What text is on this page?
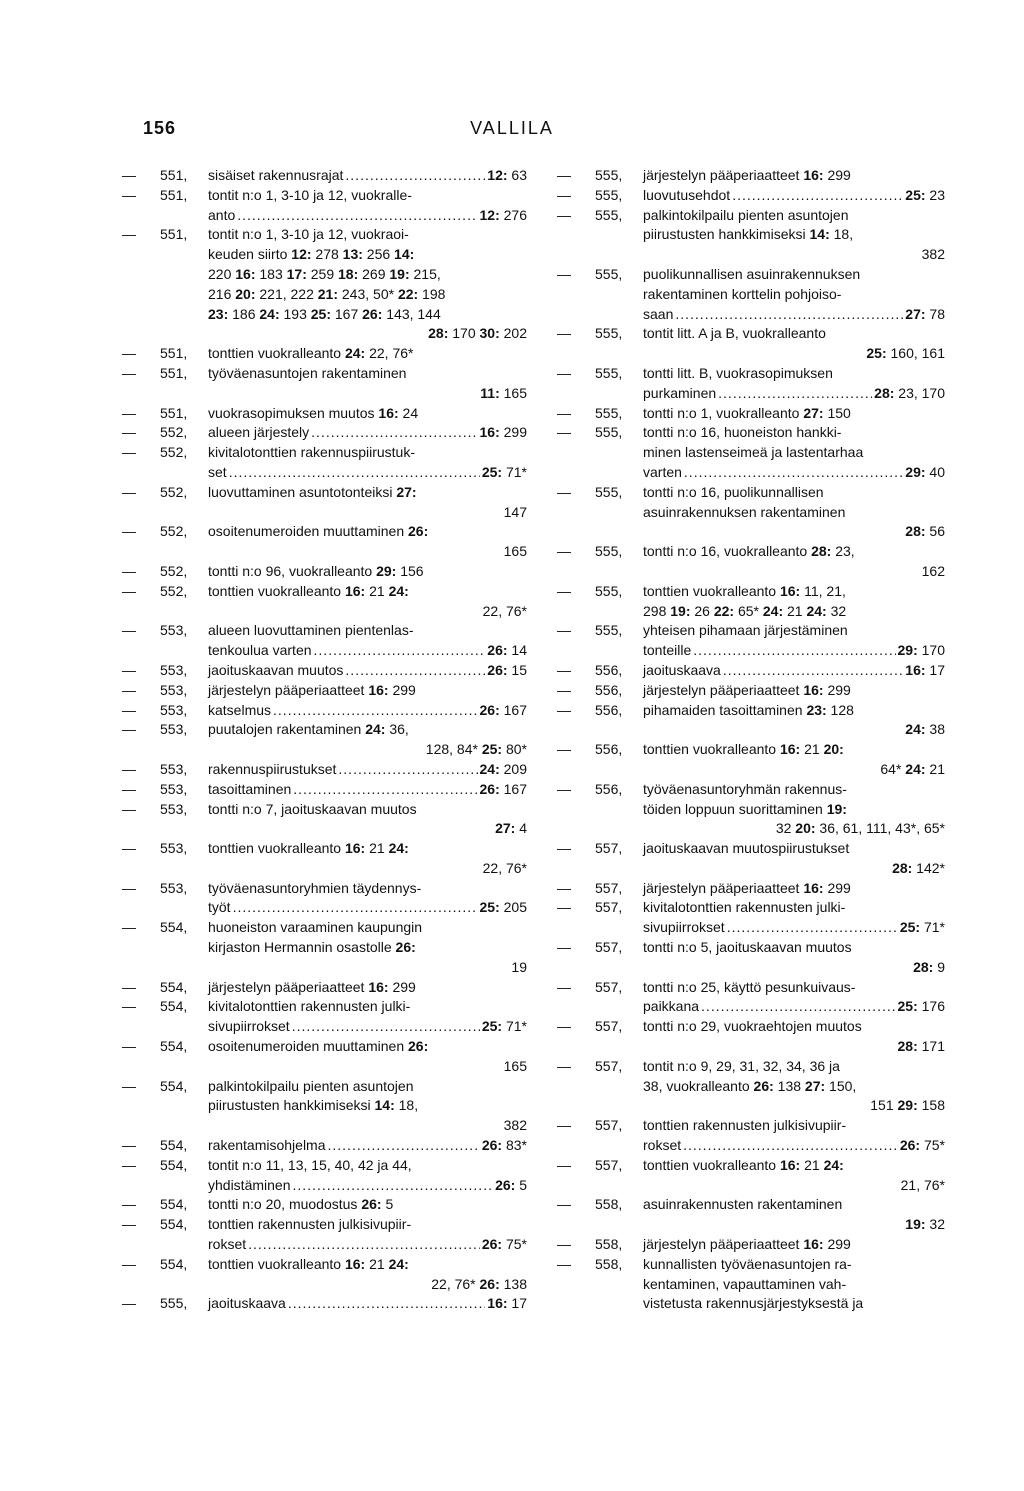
156	VALLILA
— 551,	sisäiset rakennusrajat .....	12: 63
— 551,	tontit n:o 1, 3-10 ja 12, vuokralle-
anto .....	12: 276
— 551,	tontit n:o 1, 3-10 ja 12, vuokraoi-
keuden siirto 12: 278 13: 256 14:
220 16: 183 17: 259 18: 269 19: 215,
216 20: 221, 222 21: 243, 50* 22: 198
23: 186 24: 193 25: 167 26: 143, 144
28: 170 30: 202
— 551,	tonttien vuokralleanto 24: 22, 76*
— 551,	työväenasuntojen rakentaminen
11: 165
— 551,	vuokrasopimuksen muutos 16: 24
— 552,	alueen järjestely .....	16: 299
— 552,	kivitalotonttien rakennuspiirustuk-
set .....	25: 71*
— 552,	luovuttaminen asuntotonteiksi 27:
147
— 552,	osoitenumeroiden muuttaminen 26:
165
— 552,	tontti n:o 96, vuokralleanto 29: 156
— 552,	tonttien vuokralleanto 16: 21 24:
22, 76*
— 553,	alueen luovuttaminen pientenlas-
tenkoulua varten .....	26: 14
— 553,	jaoituskaavan muutos .....	26: 15
— 553,	järjestelyn pääperiaatteet 16: 299
— 553,	katselmus .....	26: 167
— 553,	puutalojen rakentaminen 24: 36,
128, 84* 25: 80*
— 553,	rakennuspiirustukset .....	24: 209
— 553,	tasoittaminen .....	26: 167
— 553,	tontti n:o 7, jaoituskaavan muutos
27: 4
— 553,	tonttien vuokralleanto 16: 21 24:
22, 76*
— 553,	työväenasuntoryhmien täydennys-
työt .....	25: 205
— 554,	huoneiston varaaminen kaupungin
kirjaston Hermannin osastolle 26:
19
— 554,	järjestelyn pääperiaatteet 16: 299
— 554,	kivitalotonttien rakennusten julki-
sivupiirrokset .....	25: 71*
— 554,	osoitenumeroiden muuttaminen 26:
165
— 554,	palkintokilpailu pienten asuntojen
piirustusten hankkimiseksi 14: 18,
382
— 554,	rakentamisohjelma .....	26: 83*
— 554,	tontit n:o 11, 13, 15, 40, 42 ja 44,
yhdistäminen .....	26: 5
— 554,	tontti n:o 20, muodostus 26: 5
— 554,	tonttien rakennusten julkisivupiir-
rokset .....	26: 75*
— 554,	tonttien vuokralleanto 16: 21 24:
22, 76* 26: 138
— 555,	jaoituskaava .....	16: 17
— 555,	järjestelyn pääperiaatteet 16: 299
— 555,	luovutusehdot .....	25: 23
— 555,	palkintokilpailu pienten asuntojen
piirustusten hankkimiseksi 14: 18,
382
— 555,	puolikunnallisen asuinrakennuksen
rakentaminen korttelin pohjoiso-
saan .....	27: 78
— 555,	tontit litt. A ja B, vuokralleanto
25: 160, 161
— 555,	tontti litt. B, vuokrasopimuksen
purkaminen .....	28: 23, 170
— 555,	tontti n:o 1, vuokralleanto 27: 150
— 555,	tontti n:o 16, huoneiston hankki-
minen lastenseimeä ja lastentarhaa
varten .....	29: 40
— 555,	tontti n:o 16, puolikunnallisen
asuinrakennuksen rakentaminen
28: 56
— 555,	tontti n:o 16, vuokralleanto 28: 23,
162
— 555,	tonttien vuokralleanto 16: 11, 21,
298 19: 26 22: 65* 24: 21 24: 32
— 555,	yhteisen pihamaan järjestäminen
tonteille .....	29: 170
— 556,	jaoituskaava .....	16: 17
— 556,	järjestelyn pääperiaatteet 16: 299
— 556,	pihamaiden tasoittaminen 23: 128
24: 38
— 556,	tonttien vuokralleanto 16: 21 20:
64* 24: 21
— 556,	työväenasuntoryhmän rakennus-
töiden loppuun suorittaminen 19:
32 20: 36, 61, 111, 43*, 65*
— 557,	jaoituskaavan muutospiirustukset
28: 142*
— 557,	järjestelyn pääperiaatteet 16: 299
— 557,	kivitalotonttien rakennusten julki-
sivupiirrokset .....	25: 71*
— 557,	tontti n:o 5, jaoituskaavan muutos
28: 9
— 557,	tontti n:o 25, käyttö pesunkuivaus-
paikkana .....	25: 176
— 557,	tontti n:o 29, vuokraehtojen muutos
28: 171
— 557,	tontit n:o 9, 29, 31, 32, 34, 36 ja
38, vuokralleanto 26: 138 27: 150,
151 29: 158
— 557,	tonttien rakennusten julkisivupiir-
rokset .....	26: 75*
— 557,	tonttien vuokralleanto 16: 21 24:
21, 76*
— 558,	asuinrakennusten rakentaminen
19: 32
— 558,	järjestelyn pääperiaatteet 16: 299
— 558,	kunnallisten työväenasuntojen ra-
kentaminen, vapauttaminen vah-
vistetusta rakennusjärjestyksestä ja
